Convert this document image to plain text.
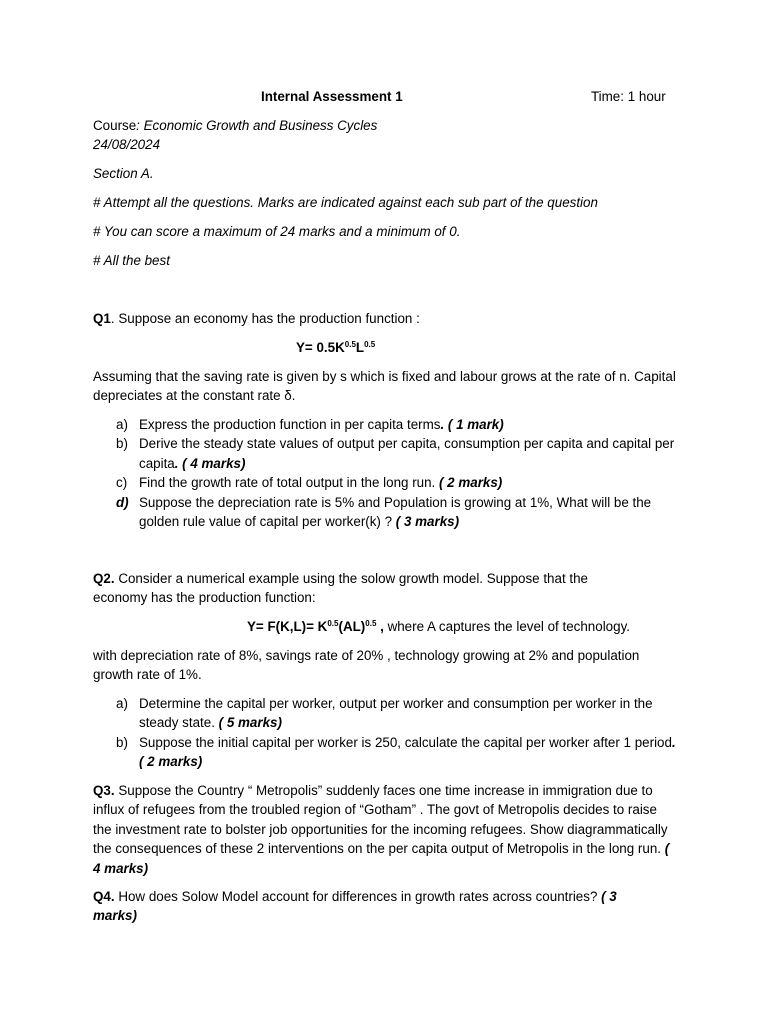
Internal Assessment 1	Time: 1 hour
Course: Economic Growth and Business Cycles
24/08/2024
Section A.
# Attempt all the questions. Marks are indicated against each sub part of the question
# You can score a maximum of 24 marks and a minimum of 0.
# All the best
Q1. Suppose an economy has the production function :
$Y= 0.5K^{0.5}L^{0.5}$

Assuming that the saving rate is given by s which is fixed and labour grows at the rate of n. Capital depreciates at the constant rate δ.

a) Express the production function in per capita terms. ( 1 mark)
b) Derive the steady state values of output per capita, consumption per capita and capital per capita. ( 4 marks)
c) Find the growth rate of total output in the long run. ( 2 marks)
d) Suppose the depreciation rate is 5% and Population is growing at 1%, What will be the golden rule value of capital per worker(k) ? ( 3 marks)

Q2. Consider a numerical example using the solow growth model. Suppose that the economy has the production function:

$Y= F(K,L)= K^{0.5}(AL)^{0.5}$ , where A captures the level of technology.

with depreciation rate of 8%, savings rate of 20% , technology growing at 2% and population growth rate of 1%.

a) Determine the capital per worker, output per worker and consumption per worker in the steady state. ( 5 marks)
b) Suppose the initial capital per worker is 250, calculate the capital per worker after 1 period. ( 2 marks)

Q3. Suppose the Country “ Metropolis” suddenly faces one time increase in immigration due to influx of refugees from the troubled region of “Gotham” . The govt of Metropolis decides to raise the investment rate to bolster job opportunities for the incoming refugees. Show diagrammatically the consequences of these 2 interventions on the per capita output of Metropolis in the long run. ( 4 marks)

Q4. How does Solow Model account for differences in growth rates across countries? ( 3 marks)
